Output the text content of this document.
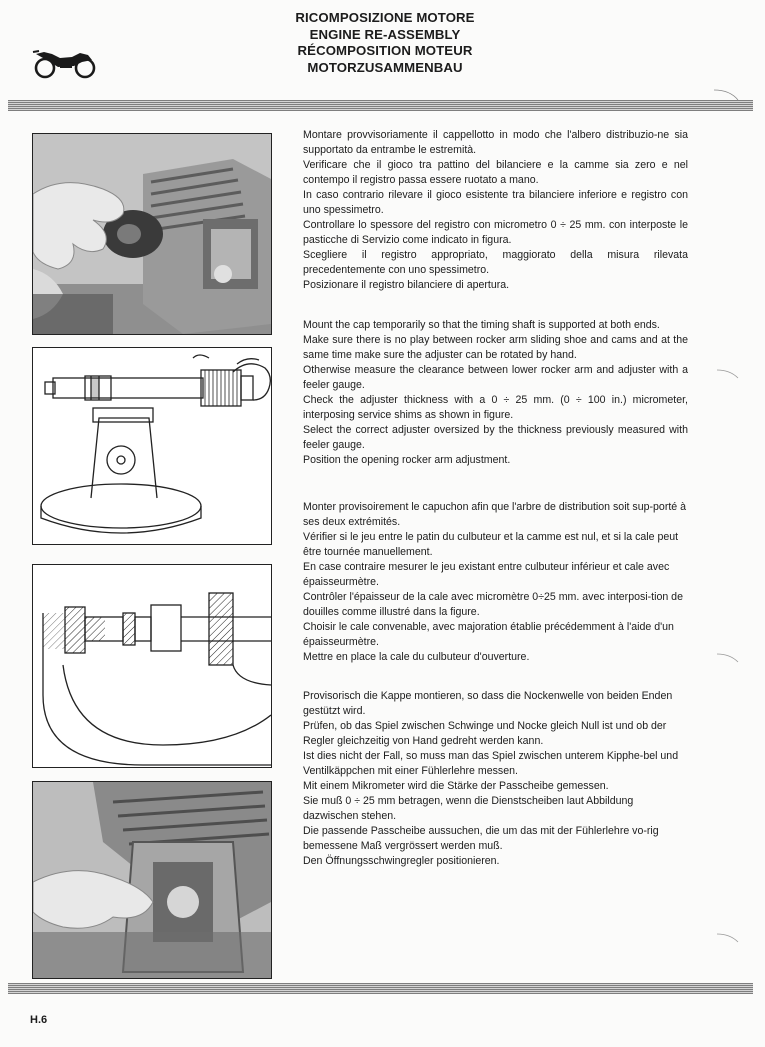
RICOMPOSIZIONE MOTORE
ENGINE RE-ASSEMBLY
RÉCOMPOSITION MOTEUR
MOTORZUSAMMENBAU

Montare provvisoriamente il cappellotto in modo che l'albero distribuzio-ne sia supportato da entrambe le estremità.

Verificare che il gioco tra pattino del bilanciere e la camme sia zero e nel contempo il registro passa essere ruotato a mano.

In caso contrario rilevare il gioco esistente tra bilanciere inferiore e registro con uno spessimetro.

Controllare lo spessore del registro con micrometro 0 ÷ 25 mm. con interposte le pasticche di Servizio come indicato in figura.

Scegliere il registro appropriato, maggiorato della misura rilevata precedentemente con uno spessimetro.

Posizionare il registro bilanciere di apertura.

Mount the cap temporarily so that the timing shaft is supported at both ends.

Make sure there is no play between rocker arm sliding shoe and cams and at the same time make sure the adjuster can be rotated by hand.

Otherwise measure the clearance between lower rocker arm and adjuster with a feeler gauge.

Check the adjuster thickness with a 0 ÷ 25 mm. (0 ÷ 100 in.) micrometer, interposing service shims as shown in figure.

Select the correct adjuster oversized by the thickness previously measured with feeler gauge.

Position the opening rocker arm adjustment.

Monter provisoirement le capuchon afin que l'arbre de distribution soit sup-porté à ses deux extrémités.

Vérifier si le jeu entre le patin du culbuteur et la camme est nul, et si la cale peut être tournée manuellement.

En case contraire mesurer le jeu existant entre culbuteur inférieur et cale avec épaisseurmètre.

Contrôler l'épaisseur de la cale avec micromètre 0÷25 mm. avec interposi-tion de douilles comme illustré dans la figure.

Choisir le cale convenable, avec majoration établie précédemment à l'aide d'un épaisseurmètre.

Mettre en place la cale du culbuteur d'ouverture.

Provisorisch die Kappe montieren, so dass die Nockenwelle von beiden Enden gestützt wird.

Prüfen, ob das Spiel zwischen Schwinge und Nocke gleich Null ist und ob der Regler gleichzeitig von Hand gedreht werden kann.

Ist dies nicht der Fall, so muss man das Spiel zwischen unterem Kipphe-bel und Ventilkäppchen mit einer Fühlerlehre messen.

Mit einem Mikrometer wird die Stärke der Passcheibe gemessen.

Sie muß 0 ÷ 25 mm betragen, wenn die Dienstscheiben laut Abbildung dazwischen stehen.

Die passende Passcheibe aussuchen, die um das mit der Fühlerlehre vo-rig bemessene Maß vergrössert werden muß.

Den Öffnungsschwingregler positionieren.

H.6
